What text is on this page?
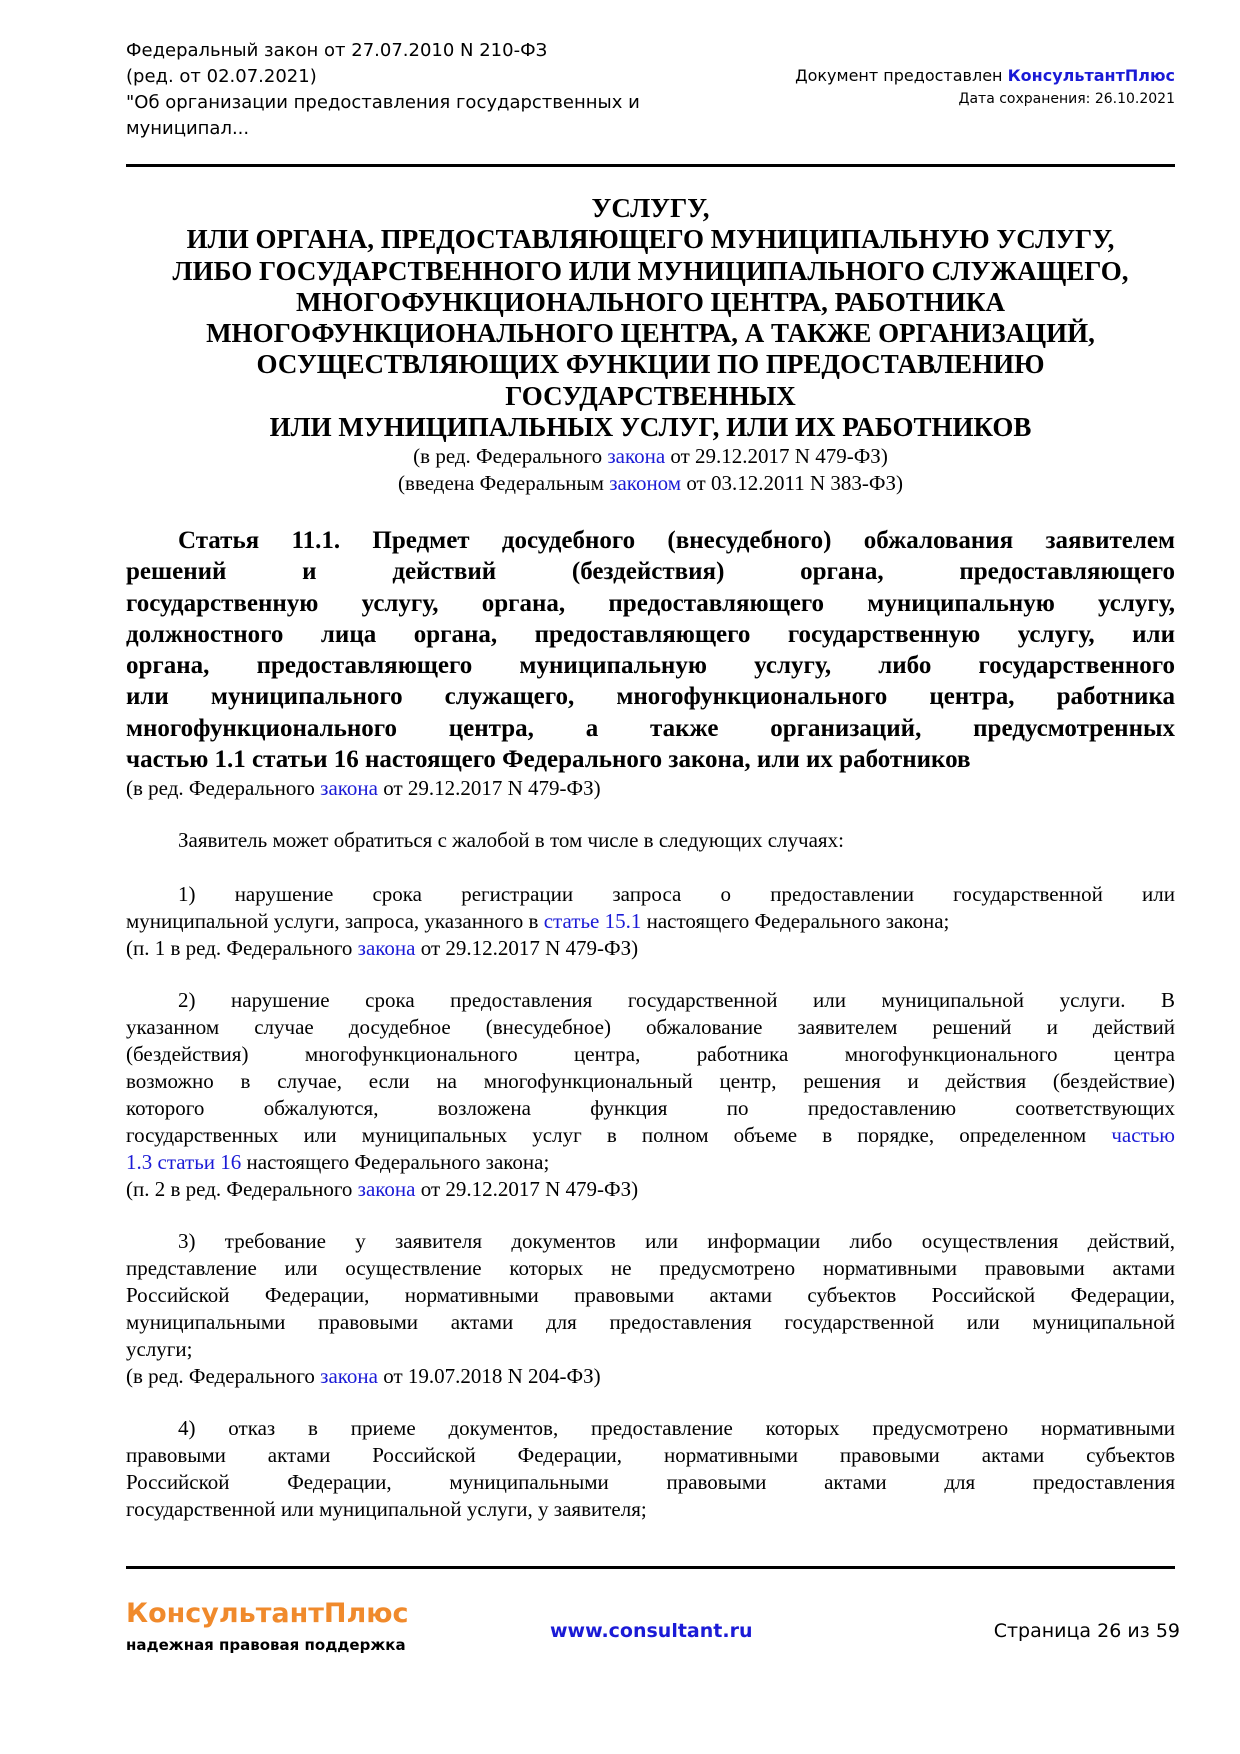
Федеральный закон от 27.07.2010 N 210-ФЗ
(ред. от 02.07.2021)
"Об организации предоставления государственных и
муниципал...
Документ предоставлен КонсультантПлюс
Дата сохранения: 26.10.2021
УСЛУГУ,
ИЛИ ОРГАНА, ПРЕДОСТАВЛЯЮЩЕГО МУНИЦИПАЛЬНУЮ УСЛУГУ,
ЛИБО ГОСУДАРСТВЕННОГО ИЛИ МУНИЦИПАЛЬНОГО СЛУЖАЩЕГО,
МНОГОФУНКЦИОНАЛЬНОГО ЦЕНТРА, РАБОТНИКА
МНОГОФУНКЦИОНАЛЬНОГО ЦЕНТРА, А ТАКЖЕ ОРГАНИЗАЦИЙ,
ОСУЩЕСТВЛЯЮЩИХ ФУНКЦИИ ПО ПРЕДОСТАВЛЕНИЮ
ГОСУДАРСТВЕННЫХ
ИЛИ МУНИЦИПАЛЬНЫХ УСЛУГ, ИЛИ ИХ РАБОТНИКОВ
(в ред. Федерального закона от 29.12.2017 N 479-ФЗ)
(введена Федеральным законом от 03.12.2011 N 383-ФЗ)
Статья 11.1. Предмет досудебного (внесудебного) обжалования заявителем
решений и действий (бездействия) органа, предоставляющего
государственную услугу, органа, предоставляющего муниципальную услугу,
должностного лица органа, предоставляющего государственную услугу, или
органа, предоставляющего муниципальную услугу, либо государственного
или муниципального служащего, многофункционального центра, работника
многофункционального центра, а также организаций, предусмотренных
частью 1.1 статьи 16 настоящего Федерального закона, или их работников
(в ред. Федерального закона от 29.12.2017 N 479-ФЗ)
Заявитель может обратиться с жалобой в том числе в следующих случаях:
1) нарушение срока регистрации запроса о предоставлении государственной или
муниципальной услуги, запроса, указанного в статье 15.1 настоящего Федерального закона;
(п. 1 в ред. Федерального закона от 29.12.2017 N 479-ФЗ)
2) нарушение срока предоставления государственной или муниципальной услуги. В
указанном случае досудебное (внесудебное) обжалование заявителем решений и действий
(бездействия) многофункционального центра, работника многофункционального центра
возможно в случае, если на многофункциональный центр, решения и действия (бездействие)
которого обжалуются, возложена функция по предоставлению соответствующих
государственных или муниципальных услуг в полном объеме в порядке, определенном частью
1.3 статьи 16 настоящего Федерального закона;
(п. 2 в ред. Федерального закона от 29.12.2017 N 479-ФЗ)
3) требование у заявителя документов или информации либо осуществления действий,
представление или осуществление которых не предусмотрено нормативными правовыми актами
Российской Федерации, нормативными правовыми актами субъектов Российской Федерации,
муниципальными правовыми актами для предоставления государственной или муниципальной
услуги;
(в ред. Федерального закона от 19.07.2018 N 204-ФЗ)
4) отказ в приеме документов, предоставление которых предусмотрено нормативными
правовыми актами Российской Федерации, нормативными правовыми актами субъектов
Российской Федерации, муниципальными правовыми актами для предоставления
государственной или муниципальной услуги, у заявителя;
КонсультантПлюс
надежная правовая поддержка
www.consultant.ru	Страница 26 из 59
